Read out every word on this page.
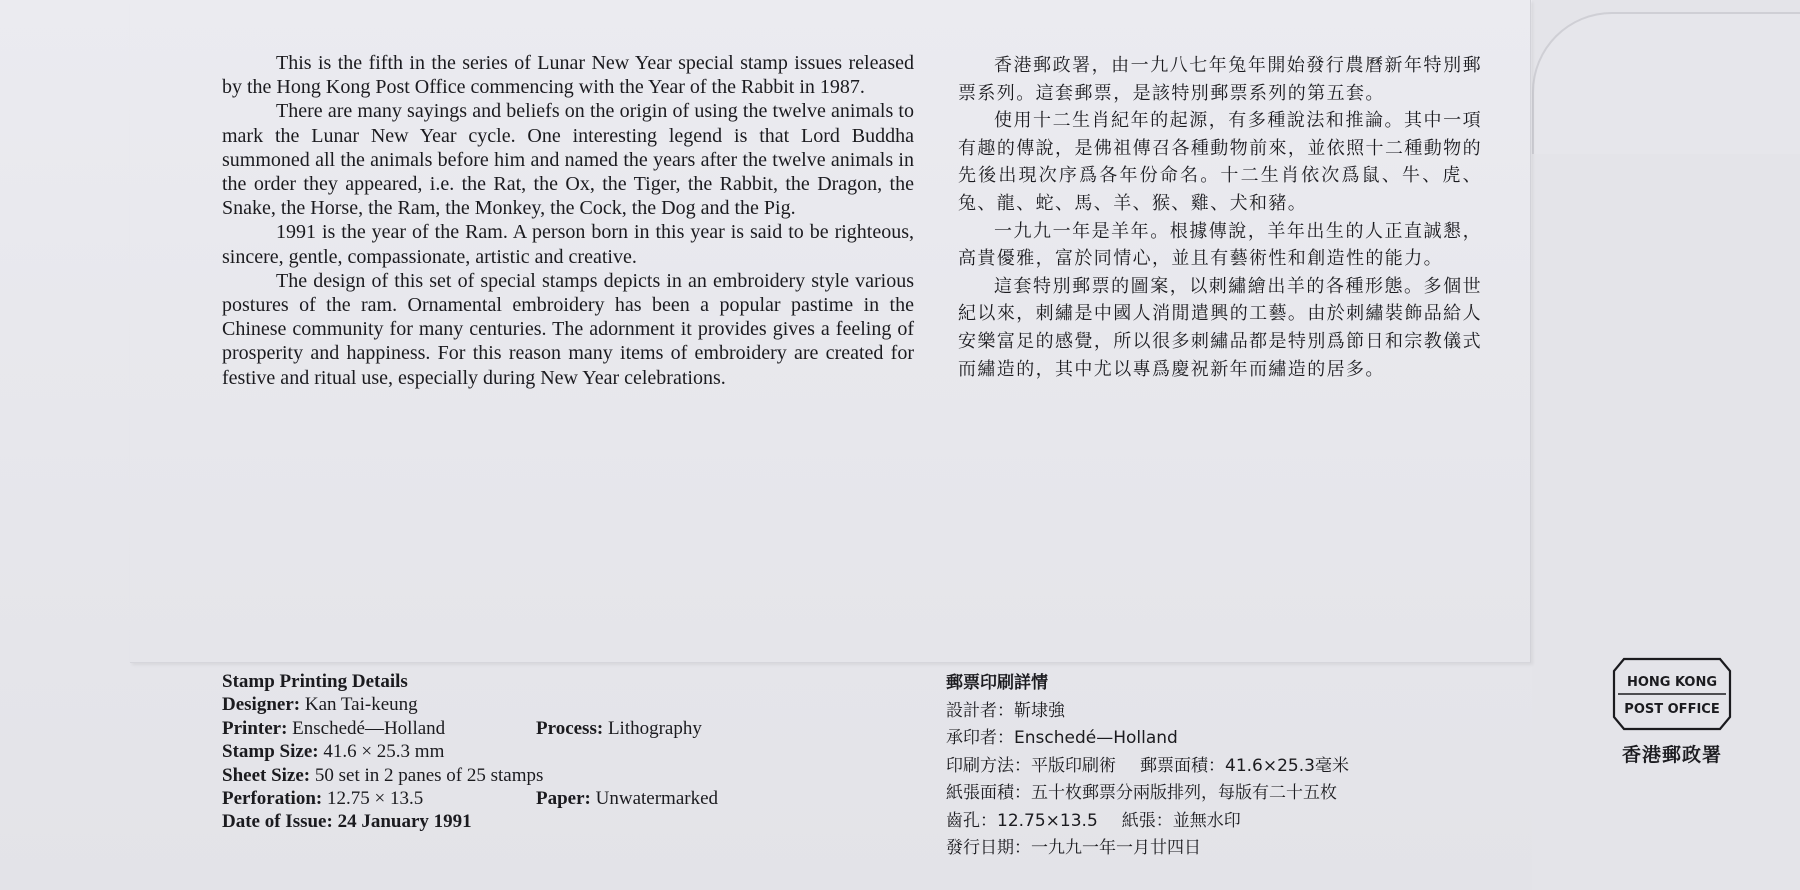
This is the fifth in the series of Lunar New Year special stamp issues released by the Hong Kong Post Office commencing with the Year of the Rabbit in 1987.

There are many sayings and beliefs on the origin of using the twelve animals to mark the Lunar New Year cycle. One interesting legend is that Lord Buddha summoned all the animals before him and named the years after the twelve animals in the order they appeared, i.e. the Rat, the Ox, the Tiger, the Rabbit, the Dragon, the Snake, the Horse, the Ram, the Monkey, the Cock, the Dog and the Pig.

1991 is the year of the Ram. A person born in this year is said to be righteous, sincere, gentle, compassionate, artistic and creative.

The design of this set of special stamps depicts in an embroidery style various postures of the ram. Ornamental embroidery has been a popular pastime in the Chinese community for many centuries. The adornment it provides gives a feeling of prosperity and happiness. For this reason many items of embroidery are created for festive and ritual use, especially during New Year celebrations.

香港郵政署，由一九八七年兔年開始發行農曆新年特別郵票系列。這套郵票，是該特別郵票系列的第五套。

使用十二生肖紀年的起源，有多種說法和推論。其中一項有趣的傳說，是佛祖傳召各種動物前來，並依照十二種動物的先後出現次序爲各年份命名。十二生肖依次爲鼠、牛、虎、兔、龍、蛇、馬、羊、猴、雞、犬和豬。

一九九一年是羊年。根據傳說，羊年出生的人正直誠懇，高貴優雅，富於同情心，並且有藝術性和創造性的能力。

這套特別郵票的圖案，以刺繡繪出羊的各種形態。多個世紀以來，刺繡是中國人消閒遣興的工藝。由於刺繡裝飾品給人安樂富足的感覺，所以很多刺繡品都是特別爲節日和宗教儀式而繡造的，其中尤以專爲慶祝新年而繡造的居多。

Stamp Printing Details
Designer: Kan Tai-keung
Printer: Enschedé—Holland	Process: Lithography
Stamp Size: 41.6 × 25.3 mm
Sheet Size: 50 set in 2 panes of 25 stamps
Perforation: 12.75 × 13.5	Paper: Unwatermarked
Date of Issue: 24 January 1991
郵票印刷詳情
設計者：靳埭強
承印者：Enschedé—Holland
印刷方法：平版印刷術 郵票面積：41.6×25.3毫米
紙張面積：五十枚郵票分兩版排列，每版有二十五枚
齒孔：12.75×13.5 紙張：並無水印
發行日期：一九九一年一月廿四日
HONG KONG
POST OFFICE
香港郵政署
